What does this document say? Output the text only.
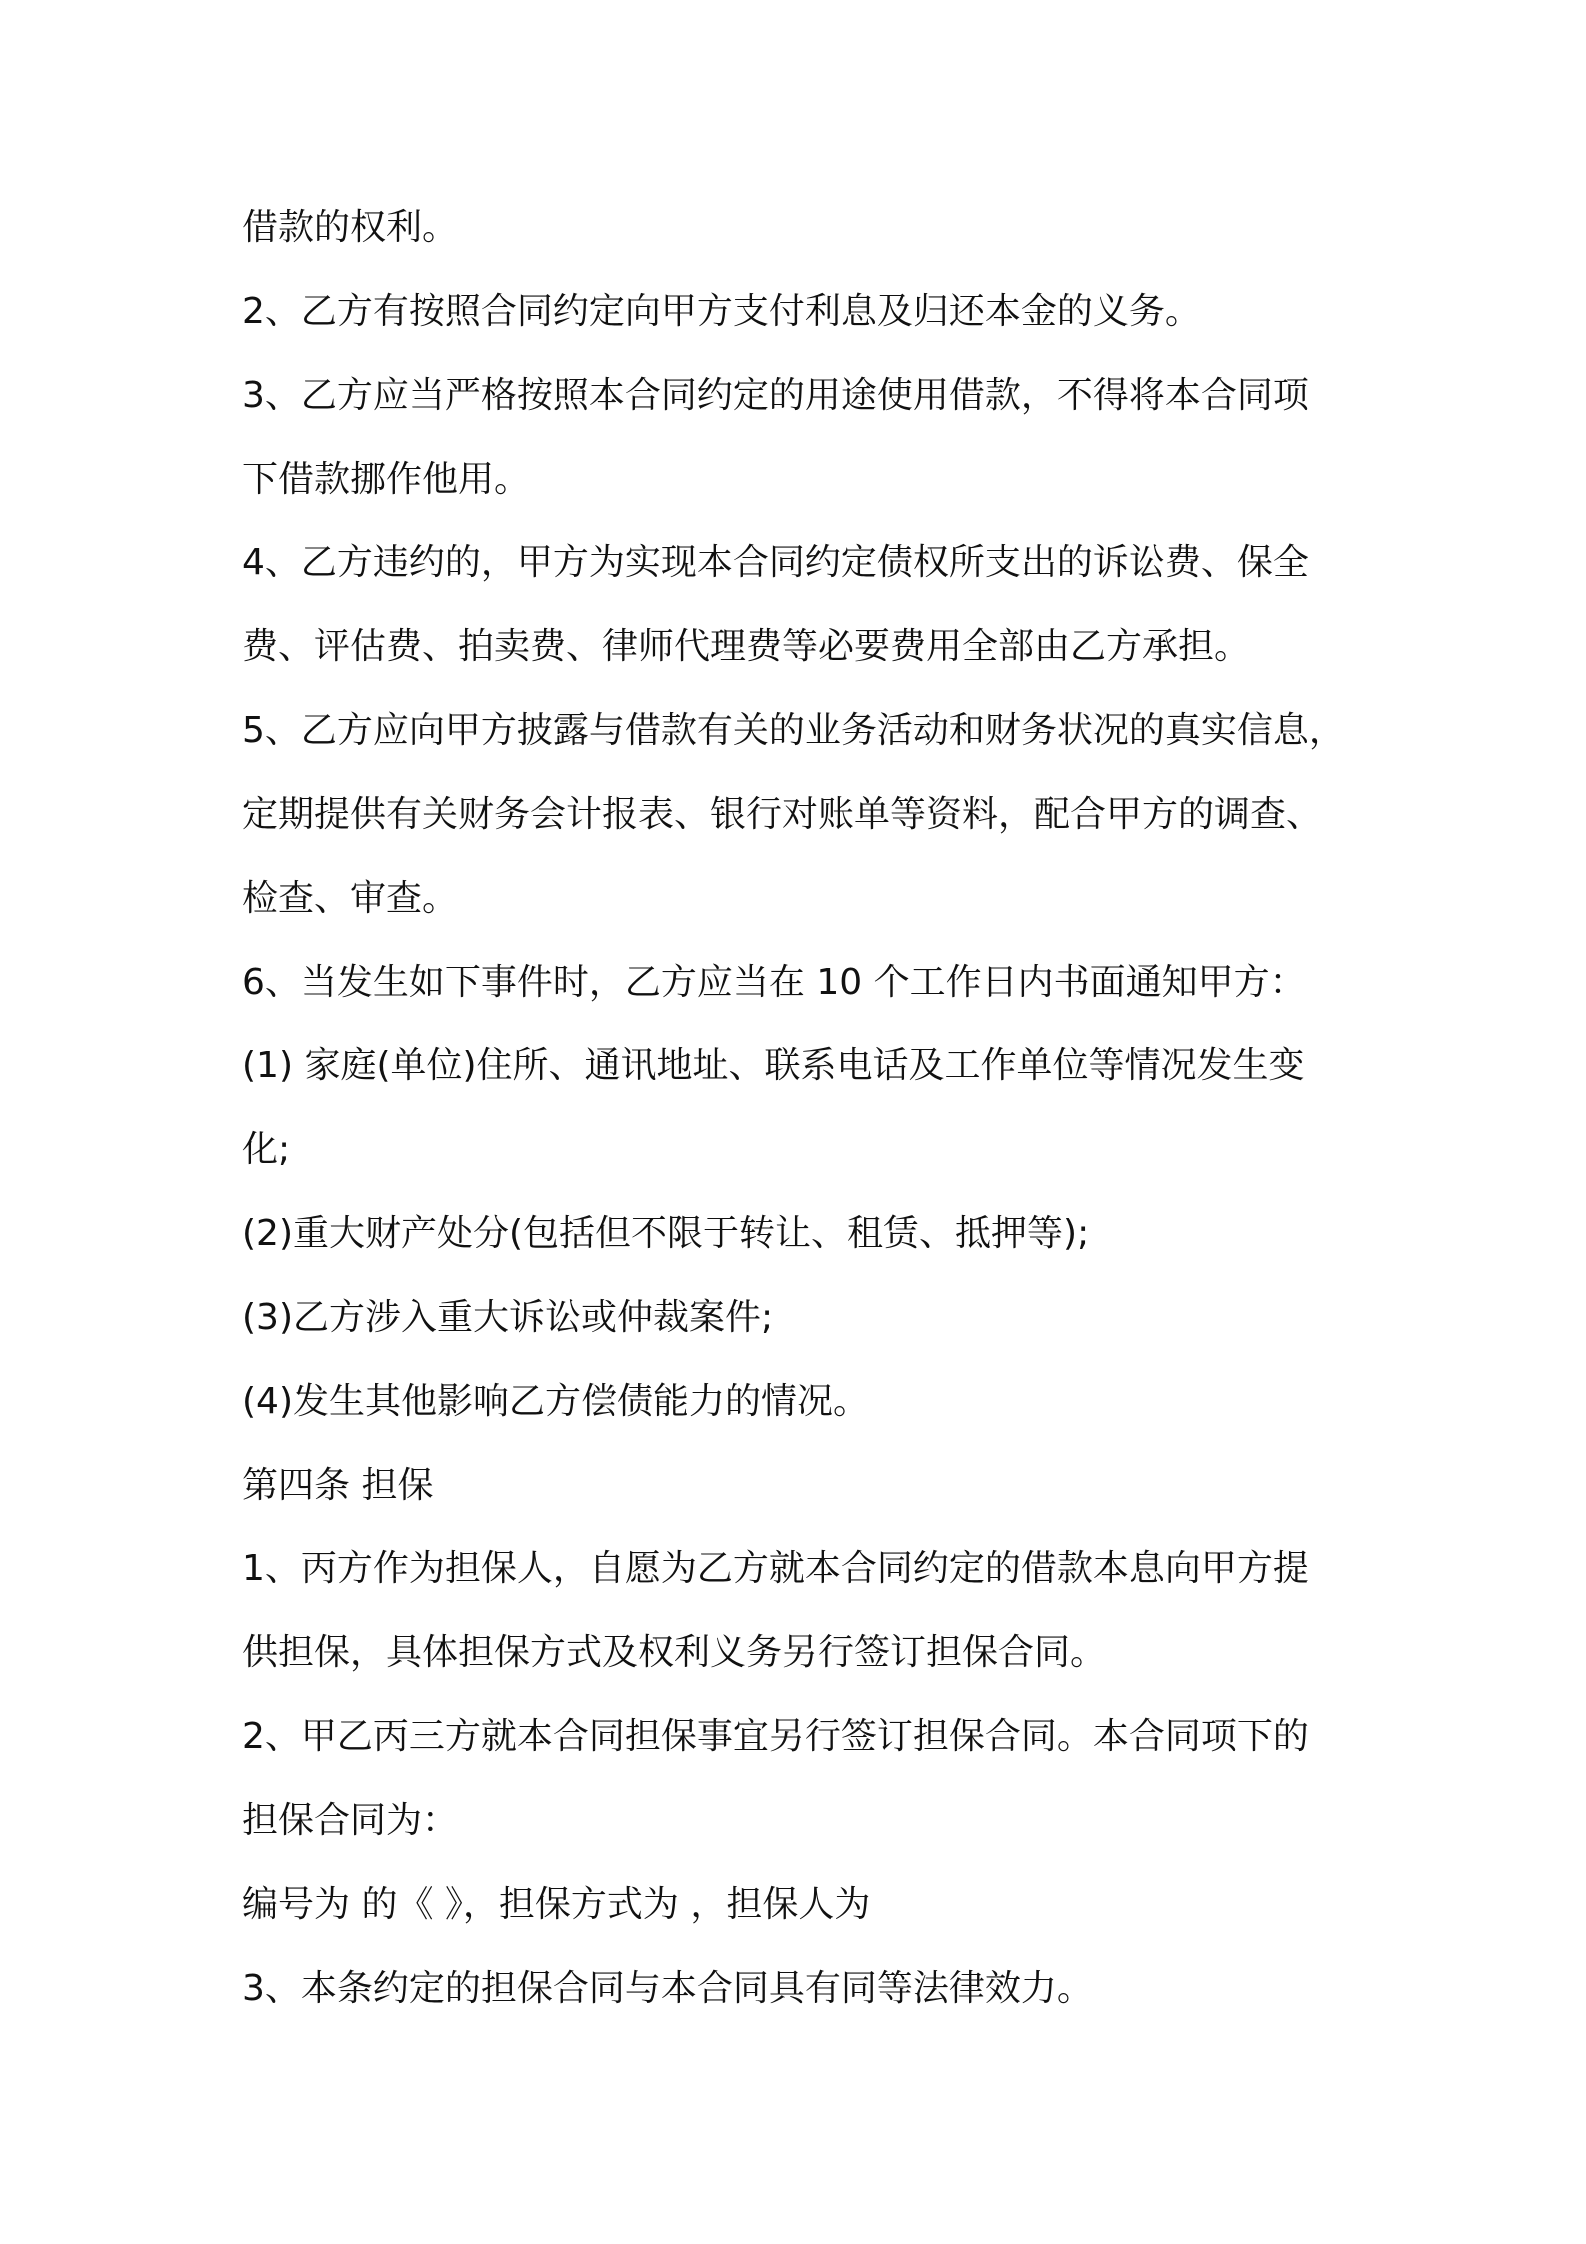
借款的权利。
2、乙方有按照合同约定向甲方支付利息及归还本金的义务。
3、乙方应当严格按照本合同约定的用途使用借款，不得将本合同项
下借款挪作他用。
4、乙方违约的，甲方为实现本合同约定债权所支出的诉讼费、保全
费、评估费、拍卖费、律师代理费等必要费用全部由乙方承担。
5、乙方应向甲方披露与借款有关的业务活动和财务状况的真实信息，
定期提供有关财务会计报表、银行对账单等资料，配合甲方的调查、
检查、审查。
6、当发生如下事件时，乙方应当在 10 个工作日内书面通知甲方：
(1) 家庭(单位)住所、通讯地址、联系电话及工作单位等情况发生变
化;
(2)重大财产处分(包括但不限于转让、租赁、抵押等);
(3)乙方涉入重大诉讼或仲裁案件;
(4)发生其他影响乙方偿债能力的情况。
第四条 担保
1、丙方作为担保人，自愿为乙方就本合同约定的借款本息向甲方提
供担保，具体担保方式及权利义务另行签订担保合同。
2、甲乙丙三方就本合同担保事宜另行签订担保合同。本合同项下的
担保合同为：
编号为 的《 》，担保方式为 ，担保人为
3、本条约定的担保合同与本合同具有同等法律效力。
